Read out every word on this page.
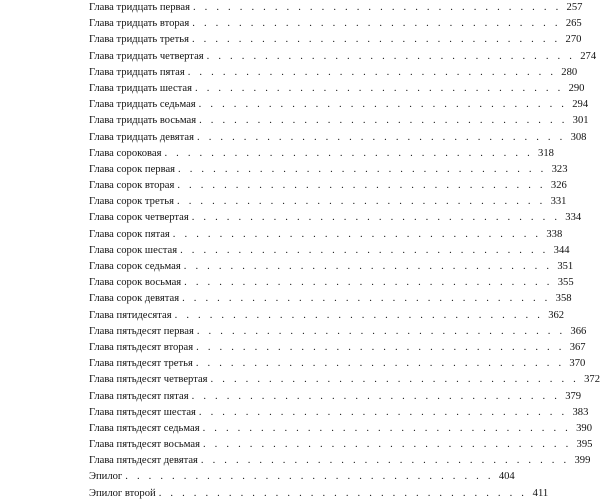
Глава тридцать первая . . . . . . . . . . . . . . . . . . . . . . . . . . . . . . . . 257
Глава тридцать вторая . . . . . . . . . . . . . . . . . . . . . . . . . . . . . . . . 265
Глава тридцать третья . . . . . . . . . . . . . . . . . . . . . . . . . . . . . . . . 270
Глава тридцать четвертая . . . . . . . . . . . . . . . . . . . . . . . . . . . . . . . . 274
Глава тридцать пятая . . . . . . . . . . . . . . . . . . . . . . . . . . . . . . . . 280
Глава тридцать шестая . . . . . . . . . . . . . . . . . . . . . . . . . . . . . . . . 290
Глава тридцать седьмая . . . . . . . . . . . . . . . . . . . . . . . . . . . . . . . . 294
Глава тридцать восьмая . . . . . . . . . . . . . . . . . . . . . . . . . . . . . . . . 301
Глава тридцать девятая . . . . . . . . . . . . . . . . . . . . . . . . . . . . . . . . 308
Глава сороковая . . . . . . . . . . . . . . . . . . . . . . . . . . . . . . . . 318
Глава сорок первая . . . . . . . . . . . . . . . . . . . . . . . . . . . . . . . . 323
Глава сорок вторая . . . . . . . . . . . . . . . . . . . . . . . . . . . . . . . . 326
Глава сорок третья . . . . . . . . . . . . . . . . . . . . . . . . . . . . . . . . 331
Глава сорок четвертая . . . . . . . . . . . . . . . . . . . . . . . . . . . . . . . . 334
Глава сорок пятая . . . . . . . . . . . . . . . . . . . . . . . . . . . . . . . . 338
Глава сорок шестая . . . . . . . . . . . . . . . . . . . . . . . . . . . . . . . . 344
Глава сорок седьмая . . . . . . . . . . . . . . . . . . . . . . . . . . . . . . . . 351
Глава сорок восьмая . . . . . . . . . . . . . . . . . . . . . . . . . . . . . . . . 355
Глава сорок девятая . . . . . . . . . . . . . . . . . . . . . . . . . . . . . . . . 358
Глава пятидесятая . . . . . . . . . . . . . . . . . . . . . . . . . . . . . . . . 362
Глава пятьдесят первая . . . . . . . . . . . . . . . . . . . . . . . . . . . . . . . . 366
Глава пятьдесят вторая . . . . . . . . . . . . . . . . . . . . . . . . . . . . . . . . 367
Глава пятьдесят третья . . . . . . . . . . . . . . . . . . . . . . . . . . . . . . . . 370
Глава пятьдесят четвертая . . . . . . . . . . . . . . . . . . . . . . . . . . . . . . . . 372
Глава пятьдесят пятая . . . . . . . . . . . . . . . . . . . . . . . . . . . . . . . . 379
Глава пятьдесят шестая . . . . . . . . . . . . . . . . . . . . . . . . . . . . . . . . 383
Глава пятьдесят седьмая . . . . . . . . . . . . . . . . . . . . . . . . . . . . . . . . 390
Глава пятьдесят восьмая . . . . . . . . . . . . . . . . . . . . . . . . . . . . . . . . 395
Глава пятьдесят девятая . . . . . . . . . . . . . . . . . . . . . . . . . . . . . . . . 399
Эпилог . . . . . . . . . . . . . . . . . . . . . . . . . . . . . . . . 404
Эпилог второй . . . . . . . . . . . . . . . . . . . . . . . . . . . . . . . . 411
